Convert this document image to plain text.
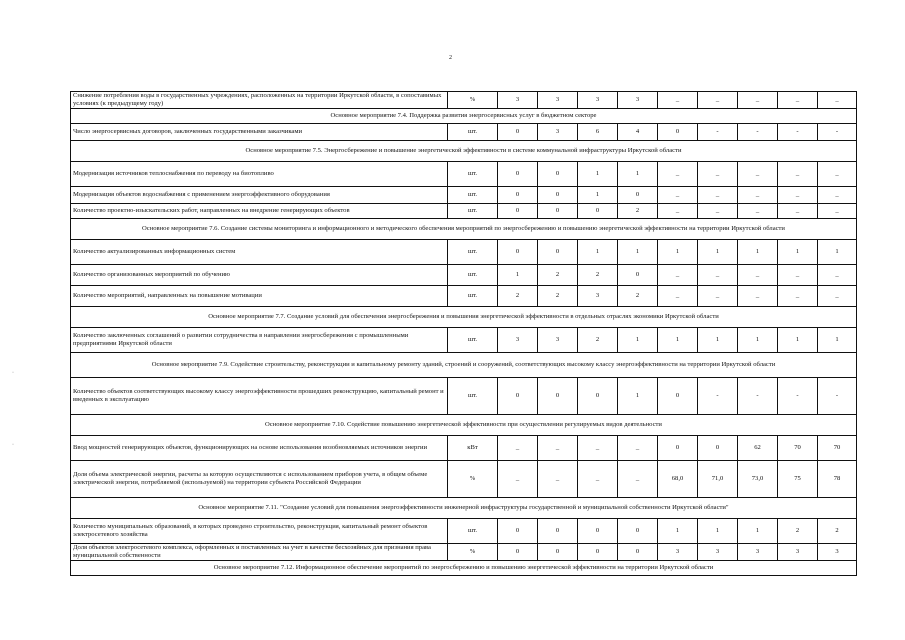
2
·
·
Снижение потребления воды в государственных учреждениях, расположенных на территории Иркутской области, в сопоставимых условиях (к предыдущему году)	%	3	3	3	3	_	_	_	_	_
Основное мероприятие 7.4. Поддержка развития энергосервисных услуг в бюджетном секторе										
Число энергосервисных договоров, заключенных государственными заказчиками	шт.	0	3	6	4	0	-	-	-	-
Основное мероприятие 7.5. Энергосбережение и повышение энергетической эффективности в системе коммунальной инфраструктуры Иркутской области										
Модернизация источников теплоснабжения по переводу на биотопливо	шт.	0	0	1	1	_	_	_	_	_
Модернизация объектов водоснабжения с применением энергоэффективного оборудования	шт.	0	0	1	0	_	_	_	_	_
Количество проектно-изыскательских работ, направленных на внедрение генерирующих объектов	шт.	0	0	0	2	_	_	_	_	_
Основное мероприятие 7.6. Создание системы мониторинга и информационного и методического обеспечения мероприятий по энергосбережению и повышению энергетической эффективности на территории Иркутской области										
Количество актуализированных информационных систем	шт.	0	0	1	1	1	1	1	1	1
Количество организованных мероприятий по обучению	шт.	1	2	2	0	_	_	_	_	_
Количество мероприятий, направленных на повышение мотивации	шт.	2	2	3	2	_	_	_	_	_
Основное мероприятие 7.7. Создание условий для обеспечения энергосбережения и повышения энергетической эффективности в отдельных отраслях экономики Иркутской области										
Количество заключенных соглашений о развитии сотрудничества в направлении энергосбережения с промышленными предприятиями Иркутской области	шт.	3	3	2	1	1	1	1	1	1
Основное мероприятие 7.9. Содействие строительству, реконструкции и капитальному ремонту зданий, строений и сооружений, соответствующих высокому классу энергоэффективности на территории Иркутской области										
Количество объектов соответствующих высокому классу энергоэффективности прошедших реконструкцию, капитальный ремонт и введенных в эксплуатацию	шт.	0	0	0	1	0	-	-	-	-
Основное мероприятие 7.10. Содействие повышению энергетической эффективности при осуществлении регулируемых видов деятельности										
Ввод мощностей генерирующих объектов, функционирующих на основе использования возобновляемых источников энергии	кВт	_	_	_	_	0	0	62	70	70
Доля объема электрической энергии, расчеты за которую осуществляются с использованием приборов учета, в общем объеме электрической энергии, потребляемой (используемой) на территории субъекта Российской Федерации	%	_	_	_	_	68,0	71,0	73,0	75	78
Основное мероприятие 7.11. "Создание условий для повышения энергоэффективности инженерной инфраструктуры государственной и муниципальной собственности Иркутской области"										
Количество муниципальных образований, в которых проведено строительство, реконструкция, капитальный ремонт объектов электросетевого хозяйства	шт.	0	0	0	0	1	1	1	2	2
Доля объектов электросетевого комплекса, оформленных и поставленных на учет в качестве бесхозяйных для признания права муниципальной собственности	%	0	0	0	0	3	3	3	3	3
Основное мероприятие 7.12. Информационное обеспечение мероприятий по энергосбережению и повышению энергетической эффективности на территории Иркутской области										
